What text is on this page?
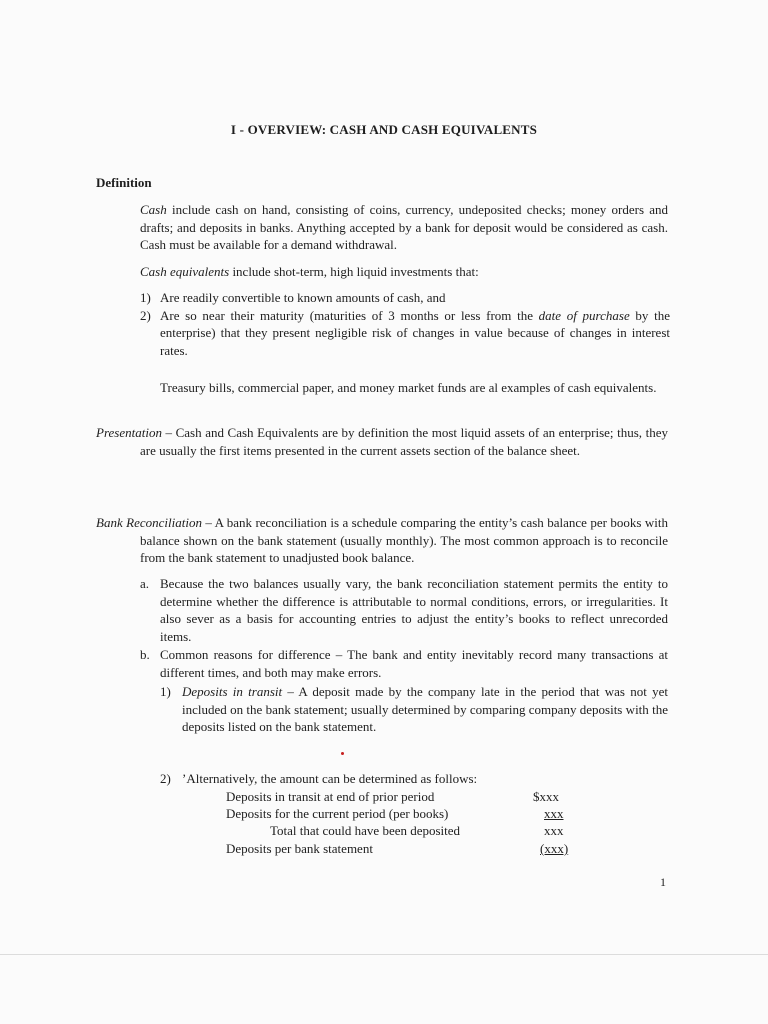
I - OVERVIEW: CASH AND CASH EQUIVALENTS
Definition

Cash include cash on hand, consisting of coins, currency, undeposited checks; money orders and drafts; and deposits in banks. Anything accepted by a bank for deposit would be considered as cash. Cash must be available for a demand withdrawal.

Cash equivalents include shot-term, high liquid investments that:

1) Are readily convertible to known amounts of cash, and
2) Are so near their maturity (maturities of 3 months or less from the date of purchase by the enterprise) that they present negligible risk of changes in value because of changes in interest rates.

Treasury bills, commercial paper, and money market funds are al examples of cash equivalents.

Presentation – Cash and Cash Equivalents are by definition the most liquid assets of an enterprise; thus, they are usually the first items presented in the current assets section of the balance sheet.

Bank Reconciliation – A bank reconciliation is a schedule comparing the entity’s cash balance per books with balance shown on the bank statement (usually monthly). The most common approach is to reconcile from the bank statement to unadjusted book balance.

a. Because the two balances usually vary, the bank reconciliation statement permits the entity to determine whether the difference is attributable to normal conditions, errors, or irregularities. It also sever as a basis for accounting entries to adjust the entity’s books to reflect unrecorded items.
b. Common reasons for difference – The bank and entity inevitably record many transactions at different times, and both may make errors.
1) Deposits in transit – A deposit made by the company late in the period that was not yet included on the bank statement; usually determined by comparing company deposits with the deposits listed on the bank statement.
2) ’Alternatively, the amount can be determined as follows:
Deposits in transit at end of prior period	$xxx
Deposits for the current period (per books)	xxx
Total that could have been deposited	xxx
Deposits per bank statement	(xxx)
1
